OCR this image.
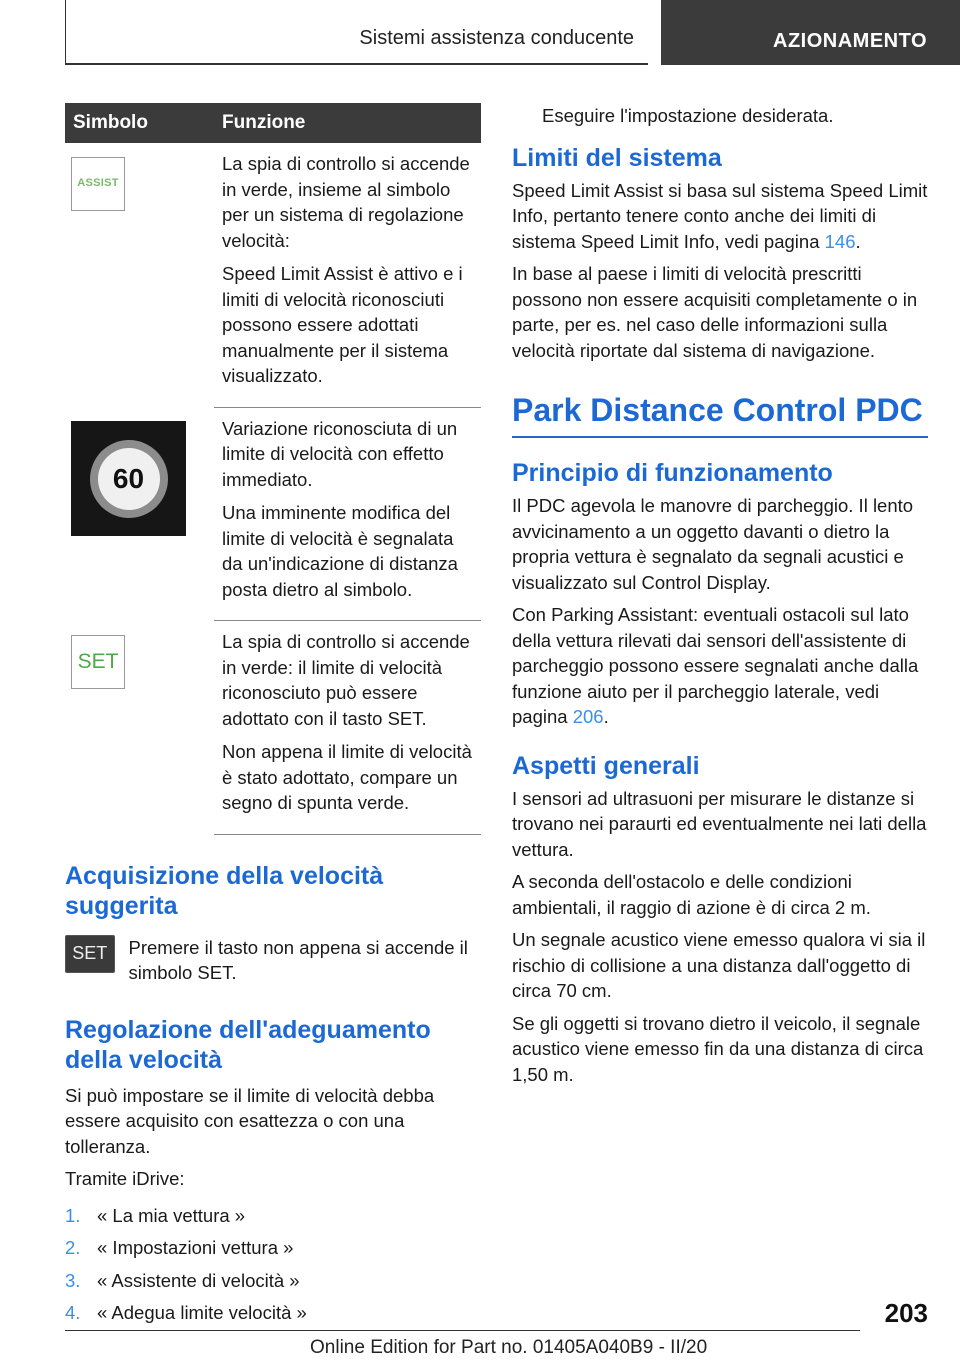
Sistemi assistenza conducente	AZIONAMENTO
Simbolo	Funzione

ASSIST	La spia di controllo si accende in verde, insieme al simbolo per un sistema di regolazione velocità:

Speed Limit Assist è attivo e i limiti di velocità riconosciuti possono essere adottati manualmente per il sistema visualizzato.

60	Variazione riconosciuta di un limite di velocità con effetto immediato.

Una imminente modifica del limite di velocità è segnalata da un'indicazione di distanza posta dietro al simbolo.

SET	La spia di controllo si accende in verde: il limite di velocità riconosciuto può essere adottato con il tasto SET.

Non appena il limite di velocità è stato adottato, compare un segno di spunta verde.

Acquisizione della velocità suggerita
SET	Premere il tasto non appena si accende il simbolo SET.

Regolazione dell'adeguamento della velocità

Si può impostare se il limite di velocità debba essere acquisito con esattezza o con una tolleranza.

Tramite iDrive:

1. « La mia vettura »
2. « Impostazioni vettura »
3. « Assistente di velocità »
4. « Adegua limite velocità »

Eseguire l'impostazione desiderata.

Limiti del sistema

Speed Limit Assist si basa sul sistema Speed Limit Info, pertanto tenere conto anche dei limiti di sistema Speed Limit Info, vedi pagina 146.

In base al paese i limiti di velocità prescritti possono non essere acquisiti completamente o in parte, per es. nel caso delle informazioni sulla velocità riportate dal sistema di navigazione.

Park Distance Control PDC
Principio di funzionamento

Il PDC agevola le manovre di parcheggio. Il lento avvicinamento a un oggetto davanti o dietro la propria vettura è segnalato da segnali acustici e visualizzato sul Control Display.

Con Parking Assistant: eventuali ostacoli sul lato della vettura rilevati dai sensori dell'assistente di parcheggio possono essere segnalati anche dalla funzione aiuto per il parcheggio laterale, vedi pagina 206.

Aspetti generali

I sensori ad ultrasuoni per misurare le distanze si trovano nei paraurti ed eventualmente nei lati della vettura.

A seconda dell'ostacolo e delle condizioni ambientali, il raggio di azione è di circa 2 m.

Un segnale acustico viene emesso qualora vi sia il rischio di collisione a una distanza dall'oggetto di circa 70 cm.

Se gli oggetti si trovano dietro il veicolo, il segnale acustico viene emesso fin da una distanza di circa 1,50 m.

203
Online Edition for Part no. 01405A040B9 - II/20
